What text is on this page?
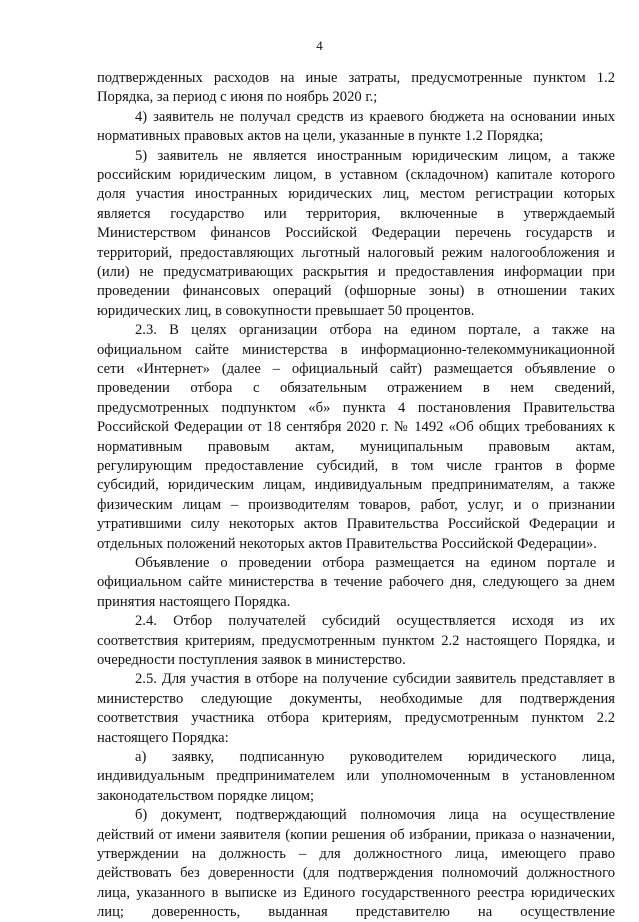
4
подтвержденных расходов на иные затраты, предусмотренные пунктом 1.2
Порядка, за период с июня по ноябрь 2020 г.;
4) заявитель не получал средств из краевого бюджета на основании иных
нормативных правовых актов на цели, указанные в пункте 1.2 Порядка;
5) заявитель не является иностранным юридическим лицом, а также
российским юридическим лицом, в уставном (складочном) капитале которого
доля участия иностранных юридических лиц, местом регистрации которых
является государство или территория, включенные в утверждаемый
Министерством финансов Российской Федерации перечень государств и
территорий, предоставляющих льготный налоговый режим налогообложения и
(или) не предусматривающих раскрытия и предоставления информации при
проведении финансовых операций (офшорные зоны) в отношении таких
юридических лиц, в совокупности превышает 50 процентов.
2.3. В целях организации отбора на едином портале, а также на
официальном сайте министерства в информационно-телекоммуникационной
сети «Интернет» (далее – официальный сайт) размещается объявление о
проведении отбора с обязательным отражением в нем сведений,
предусмотренных подпунктом «б» пункта 4 постановления Правительства
Российской Федерации от 18 сентября 2020 г. № 1492 «Об общих требованиях к
нормативным правовым актам, муниципальным правовым актам,
регулирующим предоставление субсидий, в том числе грантов в форме
субсидий, юридическим лицам, индивидуальным предпринимателям, а также
физическим лицам – производителям товаров, работ, услуг, и о признании
утратившими силу некоторых актов Правительства Российской Федерации и
отдельных положений некоторых актов Правительства Российской Федерации».
Объявление о проведении отбора размещается на едином портале и
официальном сайте министерства в течение рабочего дня, следующего за днем
принятия настоящего Порядка.
2.4. Отбор получателей субсидий осуществляется исходя из их
соответствия критериям, предусмотренным пунктом 2.2 настоящего Порядка, и
очередности поступления заявок в министерство.
2.5. Для участия в отборе на получение субсидии заявитель представляет в
министерство следующие документы, необходимые для подтверждения
соответствия участника отбора критериям, предусмотренным пунктом 2.2
настоящего Порядка:
а) заявку, подписанную руководителем юридического лица,
индивидуальным предпринимателем или уполномоченным в установленном
законодательством порядке лицом;
б) документ, подтверждающий полномочия лица на осуществление
действий от имени заявителя (копии решения об избрании, приказа о назначении,
утверждении на должность – для должностного лица, имеющего право
действовать без доверенности (для подтверждения полномочий должностного
лица, указанного в выписке из Единого государственного реестра юридических
лиц; доверенность, выданная представителю на осуществление
